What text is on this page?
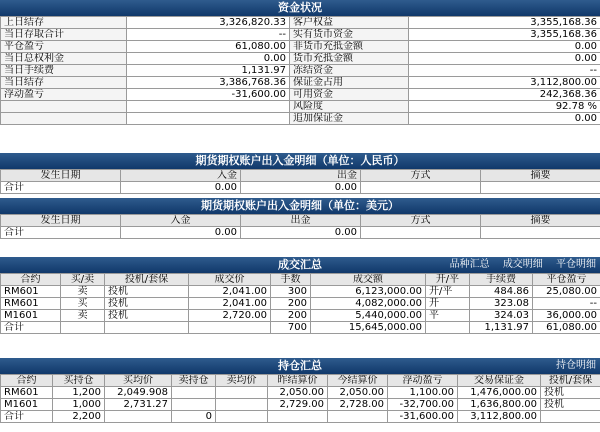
资金状况
上日结存	3,326,820.33	客户权益	3,355,168.36
当日存取合计	--	实有货币资金	3,355,168.36
平仓盈亏	61,080.00	非货币充抵金额	0.00
当日总权利金	0.00	货币充抵金额	0.00
当日手续费	1,131.97	冻结资金	--
当日结存	3,386,768.36	保证金占用	3,112,800.00
浮动盈亏	-31,600.00	可用资金	242,368.36
		风险度	92.78 %
		追加保证金	0.00
期货期权账户出入金明细（单位：人民币）
发生日期	入金	出金	方式	摘要
合计	0.00	0.00		
期货期权账户出入金明细（单位：美元）
发生日期	入金	出金	方式	摘要
合计	0.00	0.00		
成交汇总	品种汇总 成交明细 平仓明细
合约	买/卖	投机/套保	成交价	手数	成交额	开/平	手续费	平仓盈亏
RM601	卖	投机	2,041.00	300	6,123,000.00	开/平	484.86	25,080.00
RM601	买	投机	2,041.00	200	4,082,000.00	开	323.08	--
M1601	卖	投机	2,720.00	200	5,440,000.00	平	324.03	36,000.00
合计				700	15,645,000.00		1,131.97	61,080.00
持仓汇总	持仓明细
合约	买持仓	买均价	卖持仓	卖均价	昨结算价	今结算价	浮动盈亏	交易保证金	投机/套保
RM601	1,200	2,049.908			2,050.00	2,050.00	1,100.00	1,476,000.00	投机
M1601	1,000	2,731.27			2,729.00	2,728.00	-32,700.00	1,636,800.00	投机
合计	2,200		0				-31,600.00	3,112,800.00	
